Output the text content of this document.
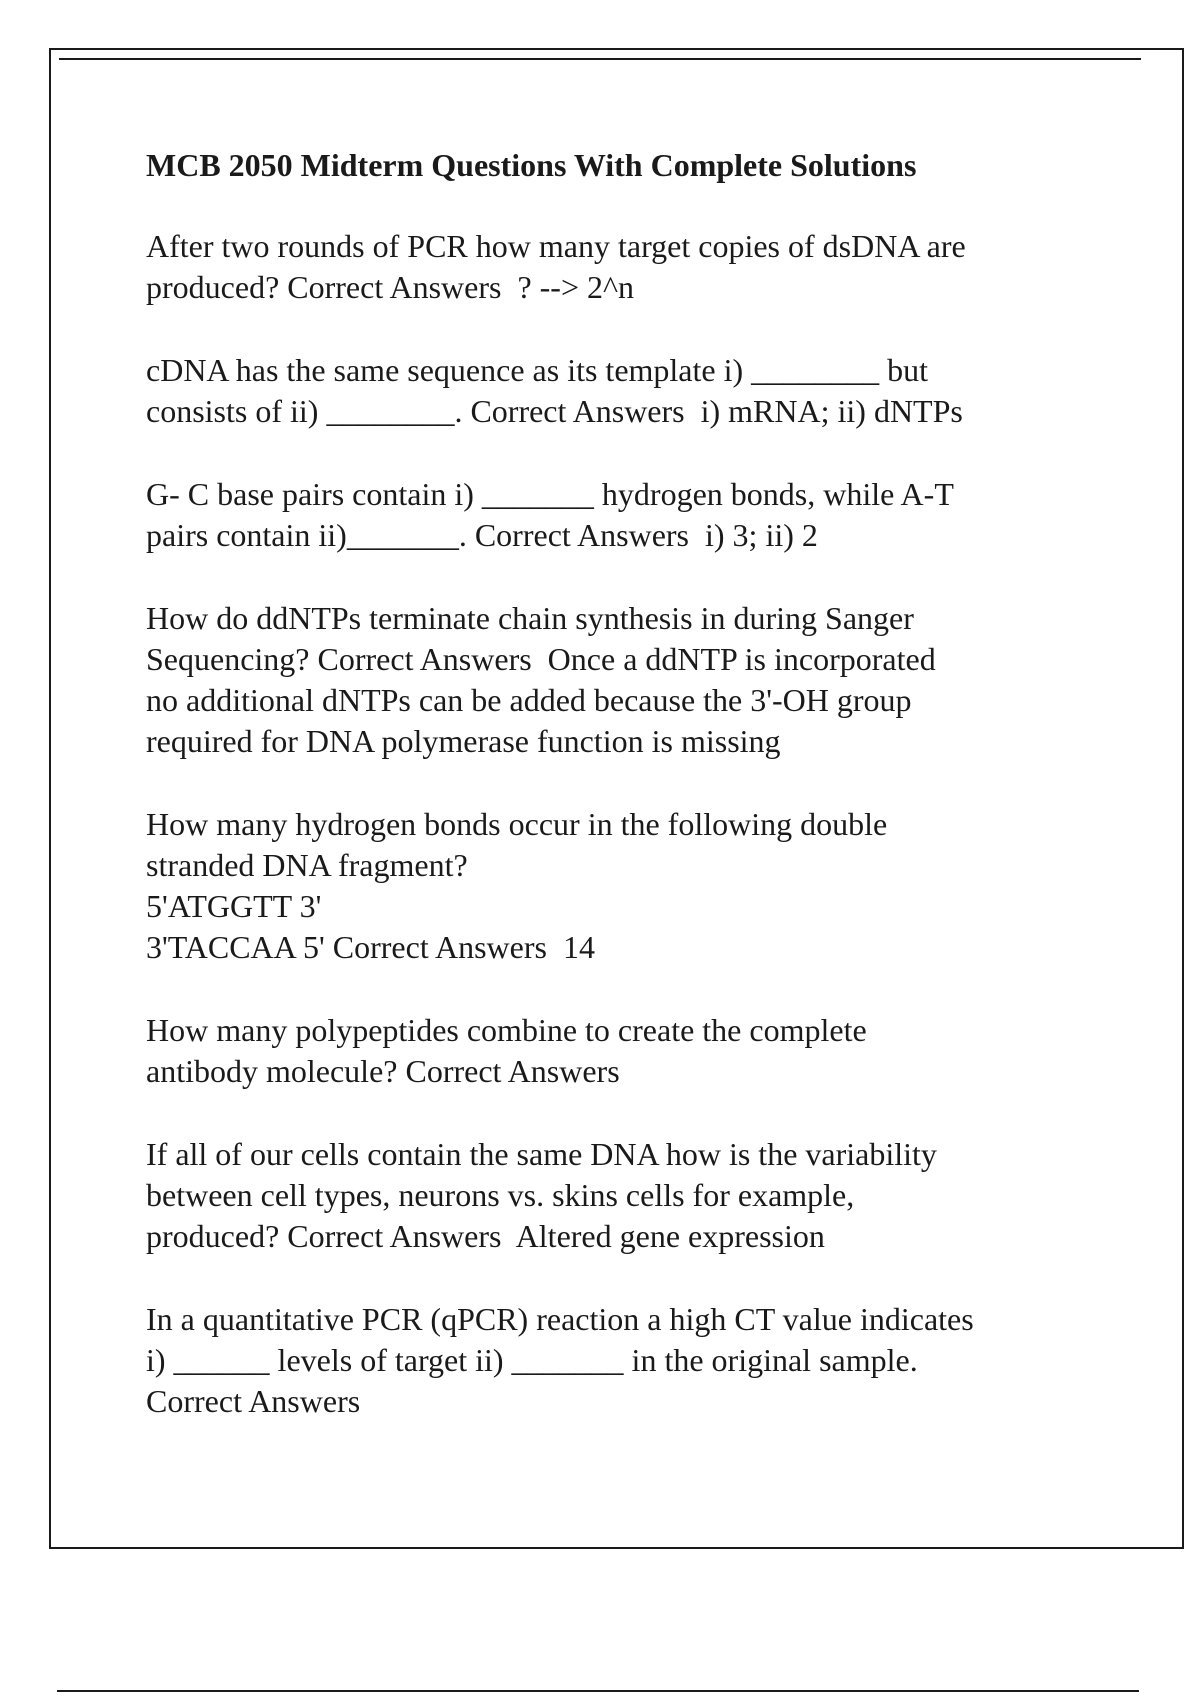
MCB 2050 Midterm Questions With Complete Solutions
After two rounds of PCR how many target copies of dsDNA are
produced? Correct Answers  ? --> 2^n
cDNA has the same sequence as its template i) ________ but
consists of ii) ________. Correct Answers  i) mRNA; ii) dNTPs
G- C base pairs contain i) _______ hydrogen bonds, while A-T
pairs contain ii)_______. Correct Answers  i) 3; ii) 2
How do ddNTPs terminate chain synthesis in during Sanger
Sequencing? Correct Answers  Once a ddNTP is incorporated
no additional dNTPs can be added because the 3'-OH group
required for DNA polymerase function is missing
How many hydrogen bonds occur in the following double
stranded DNA fragment?
5'ATGGTT 3'
3'TACCAA 5' Correct Answers  14
How many polypeptides combine to create the complete
antibody molecule? Correct Answers
If all of our cells contain the same DNA how is the variability
between cell types, neurons vs. skins cells for example,
produced? Correct Answers  Altered gene expression
In a quantitative PCR (qPCR) reaction a high CT value indicates
i) ______ levels of target ii) _______ in the original sample.
Correct Answers
